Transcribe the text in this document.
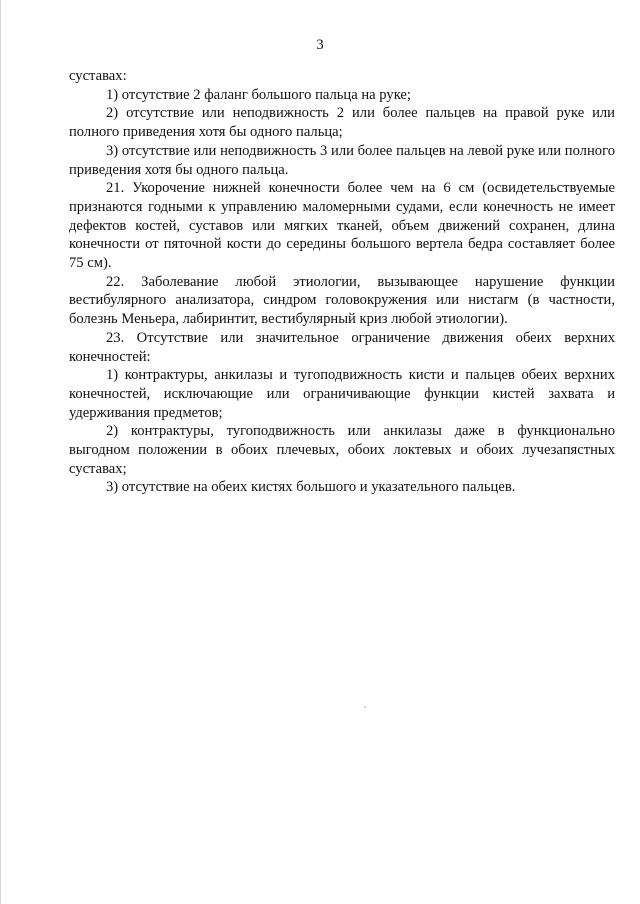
3

суставах:

1) отсутствие 2 фаланг большого пальца на руке;

2) отсутствие или неподвижность 2 или более пальцев на правой руке или полного приведения хотя бы одного пальца;

3) отсутствие или неподвижность 3 или более пальцев на левой руке или полного приведения хотя бы одного пальца.

21. Укорочение нижней конечности более чем на 6 см (освидетельствуемые признаются годными к управлению маломерными судами, если конечность не имеет дефектов костей, суставов или мягких тканей, объем движений сохранен, длина конечности от пяточной кости до середины большого вертела бедра составляет более 75 см).

22. Заболевание любой этиологии, вызывающее нарушение функции вестибулярного анализатора, синдром головокружения или нистагм (в частности, болезнь Меньера, лабиринтит, вестибулярный криз любой этиологии).

23. Отсутствие или значительное ограничение движения обеих верхних конечностей:

1) контрактуры, анкилазы и тугоподвижность кисти и пальцев обеих верхних конечностей, исключающие или ограничивающие функции кистей захвата и удерживания предметов;

2) контрактуры, тугоподвижность или анкилазы даже в функционально выгодном положении в обоих плечевых, обоих локтевых и обоих лучезапястных суставах;

3) отсутствие на обеих кистях большого и указательного пальцев.
